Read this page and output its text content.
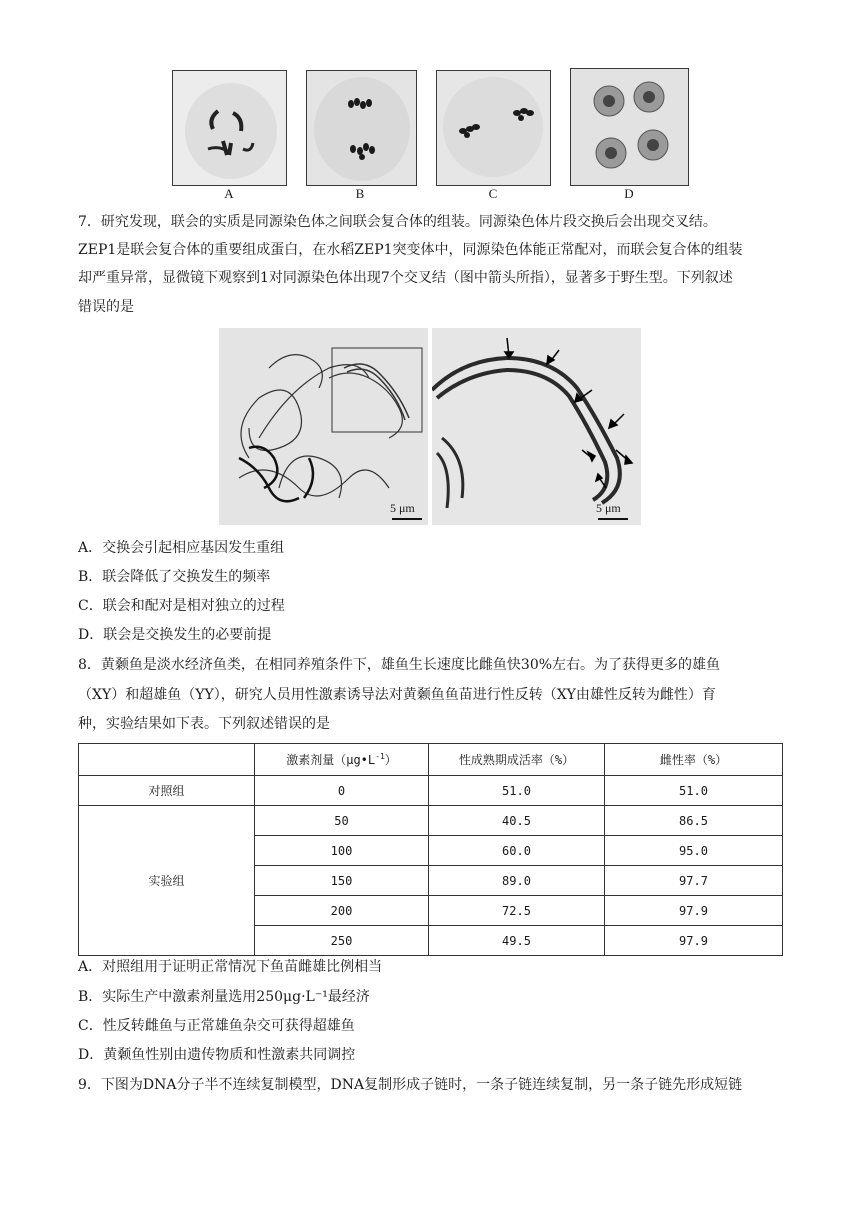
A	B	C	D
7．研究发现，联会的实质是同源染色体之间联会复合体的组装。同源染色体片段交换后会出现交叉结。
ZEP1是联会复合体的重要组成蛋白，在水稻ZEP1突变体中，同源染色体能正常配对，而联会复合体的组装
却严重异常，显微镜下观察到1对同源染色体出现7个交叉结（图中箭头所指），显著多于野生型。下列叙述
错误的是
5 μm	5 μm
A．交换会引起相应基因发生重组
B．联会降低了交换发生的频率
C．联会和配对是相对独立的过程
D．联会是交换发生的必要前提
8．黄颡鱼是淡水经济鱼类，在相同养殖条件下，雄鱼生长速度比雌鱼快30%左右。为了获得更多的雄鱼
（XY）和超雄鱼（YY），研究人员用性激素诱导法对黄颡鱼鱼苗进行性反转（XY由雄性反转为雌性）育
种，实验结果如下表。下列叙述错误的是
	激素剂量$(\mu g•L^{-1})$	性成熟期成活率（%）	雌性率（%）
对照组	0	51.0	51.0
实验组	50	40.5	86.5
	100	60.0	95.0
	150	89.0	97.7
	200	72.5	97.9
	250	49.5	97.9
A．对照组用于证明正常情况下鱼苗雌雄比例相当
B．实际生产中激素剂量选用250μg·L⁻¹最经济
C．性反转雌鱼与正常雄鱼杂交可获得超雄鱼
D．黄颡鱼性别由遗传物质和性激素共同调控
9．下图为DNA分子半不连续复制模型，DNA复制形成子链时，一条子链连续复制，另一条子链先形成短链
